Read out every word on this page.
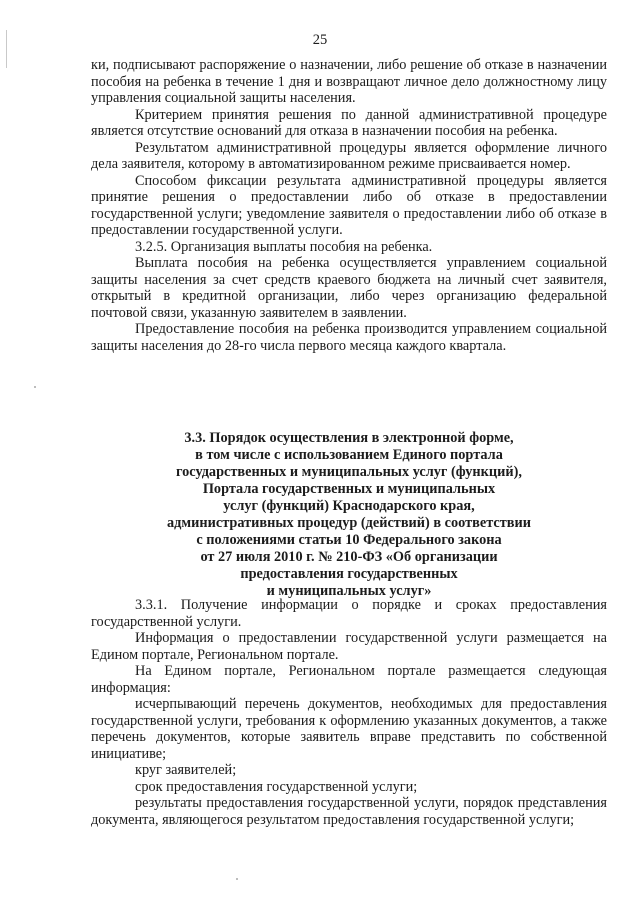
25

ки, подписывают распоряжение о назначении, либо решение об отказе в назначении пособия на ребенка в течение 1 дня и возвращают личное дело должностному лицу управления социальной защиты населения.

Критерием принятия решения по данной административной процедуре является отсутствие оснований для отказа в назначении пособия на ребенка.

Результатом административной процедуры является оформление личного дела заявителя, которому в автоматизированном режиме присваивается номер.

Способом фиксации результата административной процедуры является принятие решения о предоставлении либо об отказе в предоставлении государственной услуги; уведомление заявителя о предоставлении либо об отказе в предоставлении государственной услуги.

3.2.5. Организация выплаты пособия на ребенка.

Выплата пособия на ребенка осуществляется управлением социальной защиты населения за счет средств краевого бюджета на личный счет заявителя, открытый в кредитной организации, либо через организацию федеральной почтовой связи, указанную заявителем в заявлении.

Предоставление пособия на ребенка производится управлением социальной защиты населения до 28-го числа первого месяца каждого квартала.

3.3. Порядок осуществления в электронной форме,
в том числе с использованием Единого портала
государственных и муниципальных услуг (функций),
Портала государственных и муниципальных
услуг (функций) Краснодарского края,
административных процедур (действий) в соответствии
с положениями статьи 10 Федерального закона
от 27 июля 2010 г. № 210-ФЗ «Об организации
предоставления государственных
и муниципальных услуг»

3.3.1. Получение информации о порядке и сроках предоставления государственной услуги.

Информация о предоставлении государственной услуги размещается на Едином портале, Региональном портале.

На Едином портале, Региональном портале размещается следующая информация:

исчерпывающий перечень документов, необходимых для предоставления государственной услуги, требования к оформлению указанных документов, а также перечень документов, которые заявитель вправе представить по собственной инициативе;

круг заявителей;

срок предоставления государственной услуги;

результаты предоставления государственной услуги, порядок представления документа, являющегося результатом предоставления государственной услуги;
